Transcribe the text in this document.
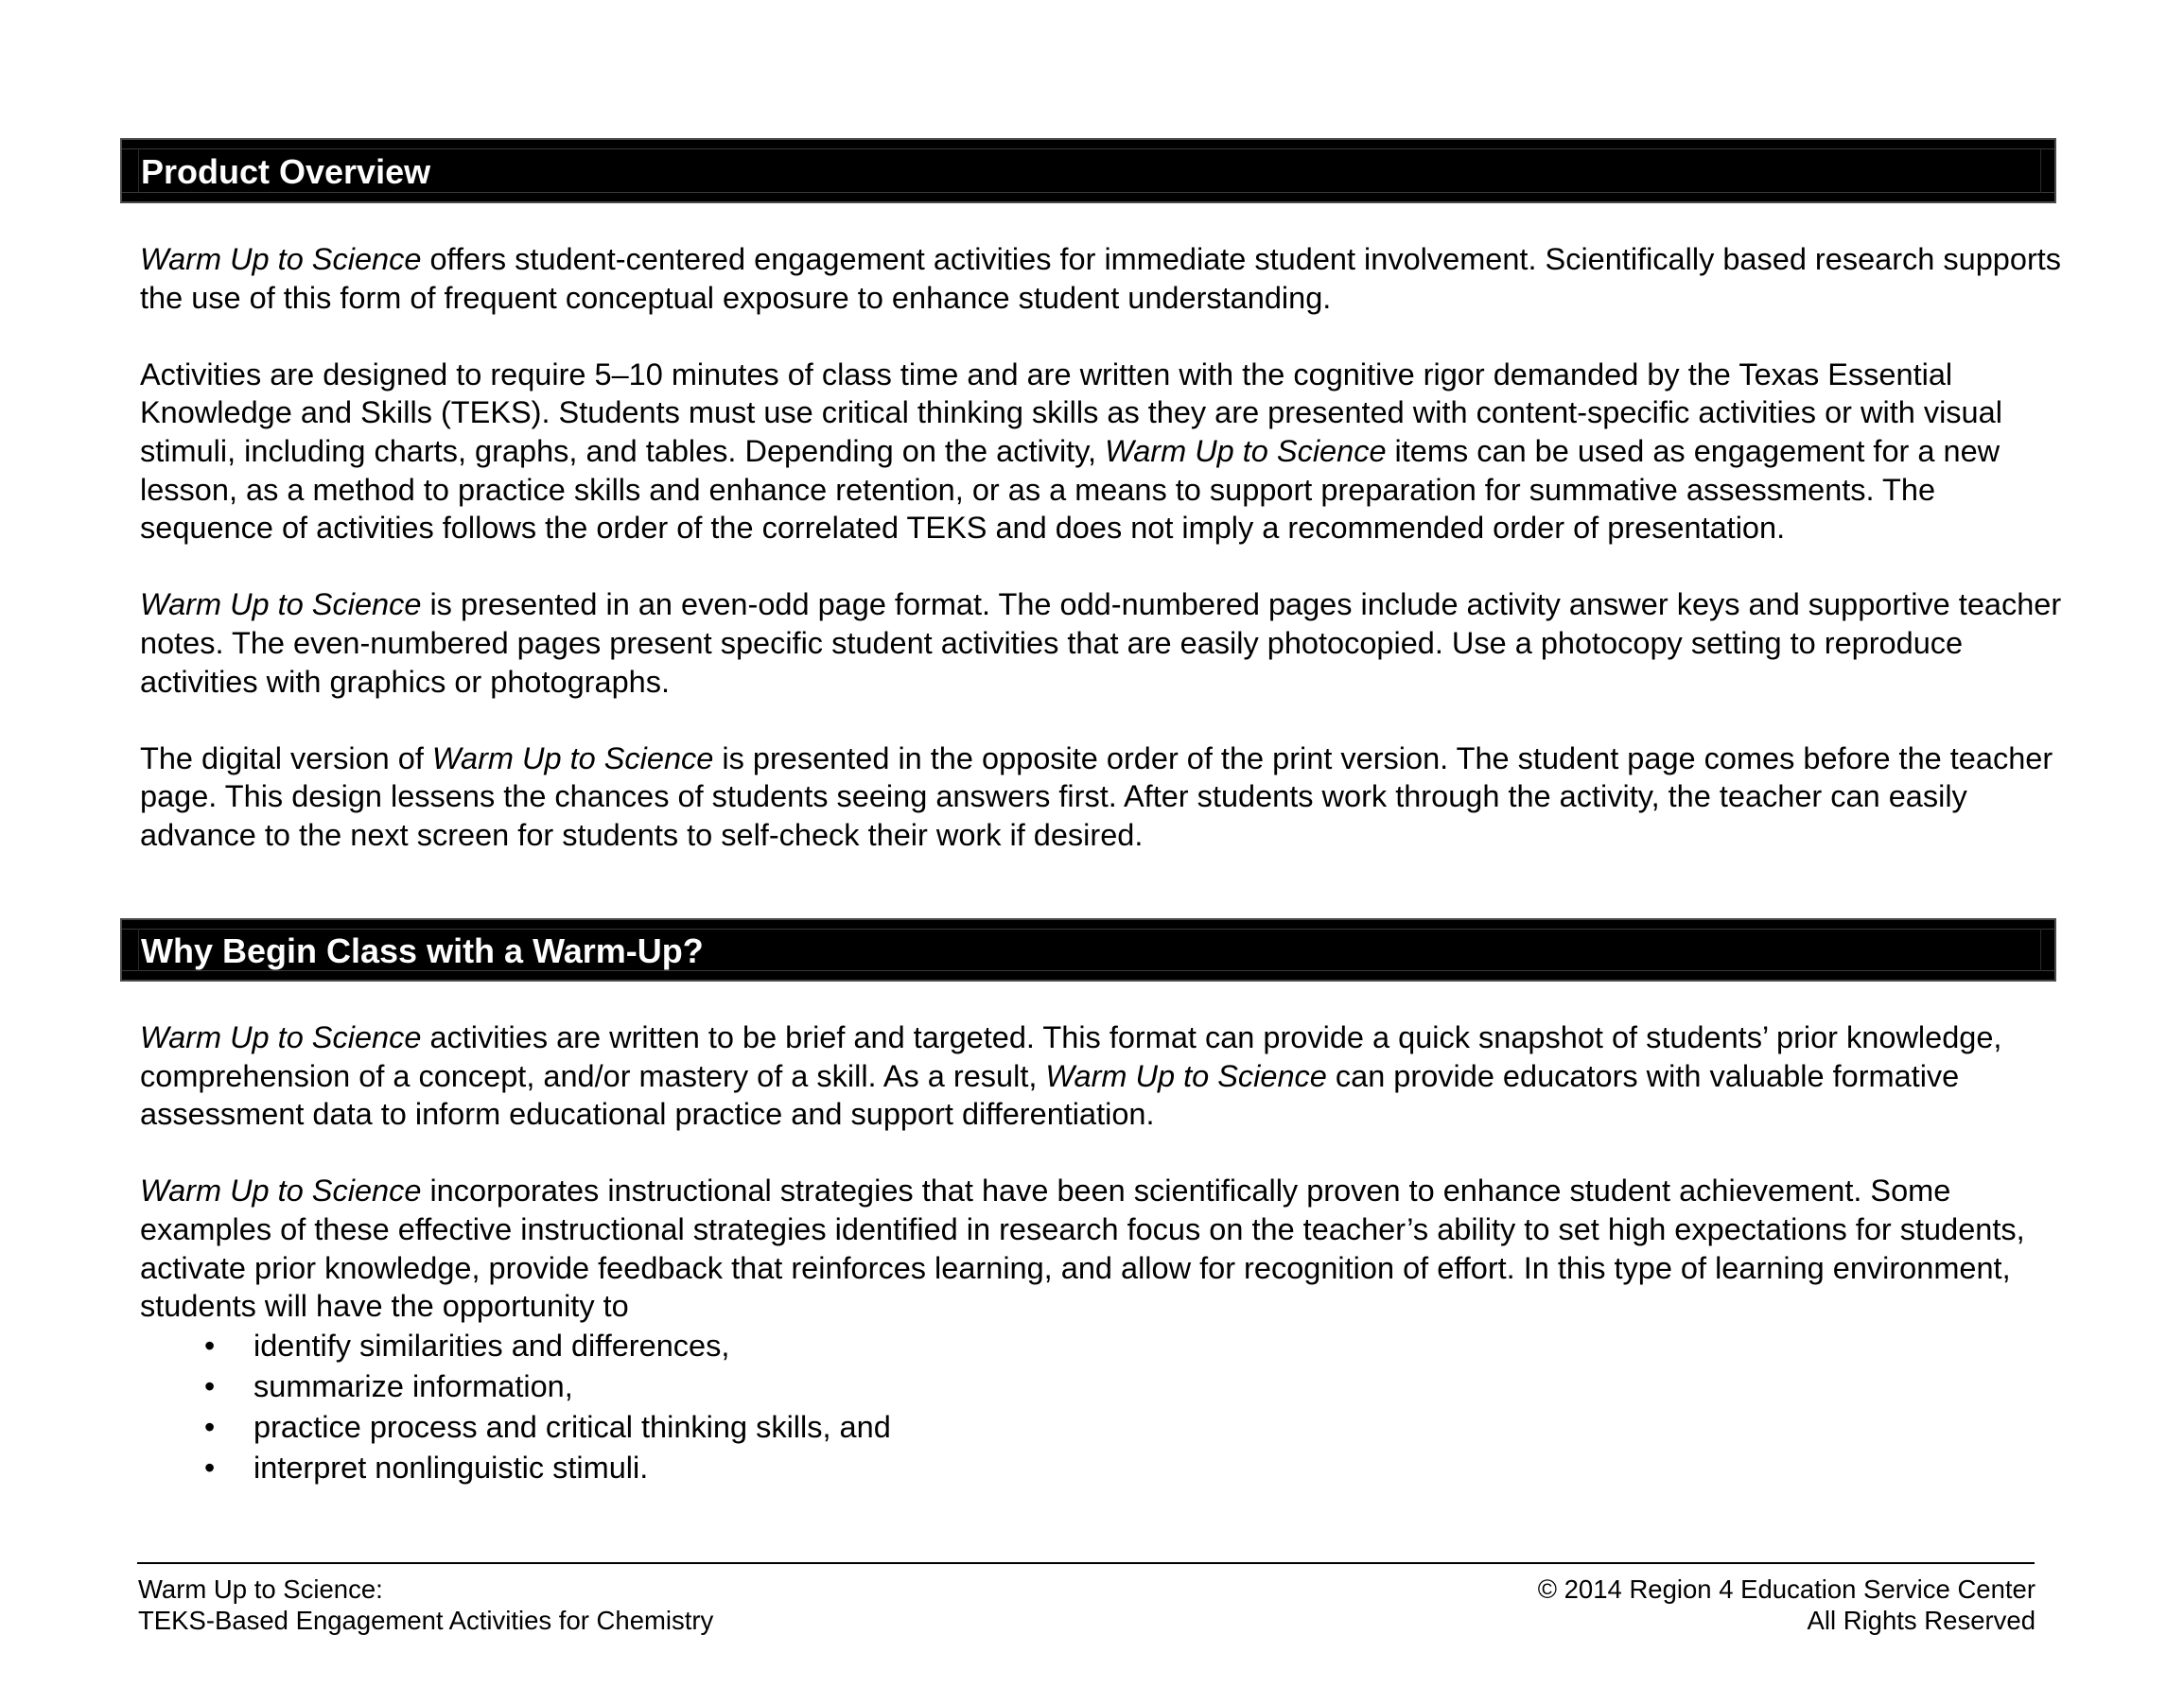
Product Overview

Warm Up to Science offers student-centered engagement activities for immediate student involvement. Scientifically based research supports the use of this form of frequent conceptual exposure to enhance student understanding.

Activities are designed to require 5–10 minutes of class time and are written with the cognitive rigor demanded by the Texas Essential Knowledge and Skills (TEKS). Students must use critical thinking skills as they are presented with content-specific activities or with visual stimuli, including charts, graphs, and tables. Depending on the activity, Warm Up to Science items can be used as engagement for a new lesson, as a method to practice skills and enhance retention, or as a means to support preparation for summative assessments. The sequence of activities follows the order of the correlated TEKS and does not imply a recommended order of presentation.

Warm Up to Science is presented in an even-odd page format. The odd-numbered pages include activity answer keys and supportive teacher notes. The even-numbered pages present specific student activities that are easily photocopied. Use a photocopy setting to reproduce activities with graphics or photographs.

The digital version of Warm Up to Science is presented in the opposite order of the print version. The student page comes before the teacher page. This design lessens the chances of students seeing answers first. After students work through the activity, the teacher can easily advance to the next screen for students to self-check their work if desired.

Why Begin Class with a Warm-Up?

Warm Up to Science activities are written to be brief and targeted. This format can provide a quick snapshot of students’ prior knowledge, comprehension of a concept, and/or mastery of a skill. As a result, Warm Up to Science can provide educators with valuable formative assessment data to inform educational practice and support differentiation.

Warm Up to Science incorporates instructional strategies that have been scientifically proven to enhance student achievement. Some examples of these effective instructional strategies identified in research focus on the teacher’s ability to set high expectations for students, activate prior knowledge, provide feedback that reinforces learning, and allow for recognition of effort. In this type of learning environment, students will have the opportunity to

• identify similarities and differences,
• summarize information,
• practice process and critical thinking skills, and
• interpret nonlinguistic stimuli.
Warm Up to Science:
TEKS-Based Engagement Activities for Chemistry
© 2014 Region 4 Education Service Center
All Rights Reserved
